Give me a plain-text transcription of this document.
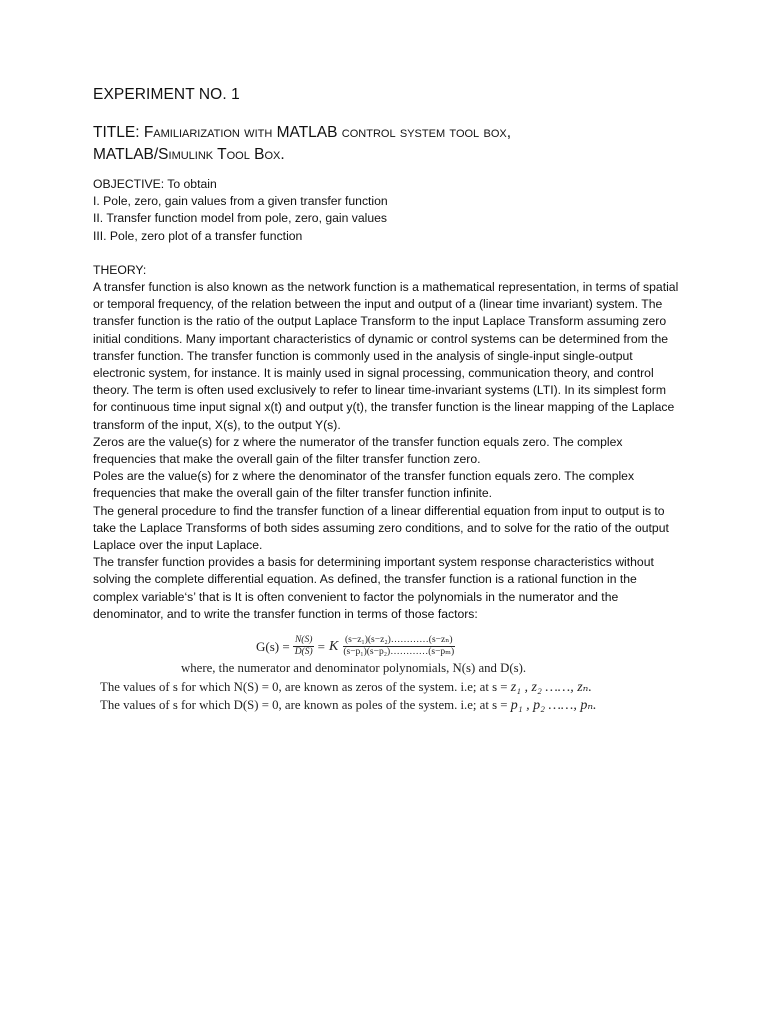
EXPERIMENT NO. 1

TITLE: Familiarization with MATLAB control system tool box,
MATLAB/Simulink Tool Box.

OBJECTIVE: To obtain
I. Pole, zero, gain values from a given transfer function
II. Transfer function model from pole, zero, gain values
III. Pole, zero plot of a transfer function
THEORY:

A transfer function is also known as the network function is a mathematical representation, in terms of spatial or temporal frequency, of the relation between the input and output of a (linear time invariant) system. The transfer function is the ratio of the output Laplace Transform to the input Laplace Transform assuming zero initial conditions. Many important characteristics of dynamic or control systems can be determined from the transfer function. The transfer function is commonly used in the analysis of single-input single-output electronic system, for instance. It is mainly used in signal processing, communication theory, and control theory. The term is often used exclusively to refer to linear time-invariant systems (LTI). In its simplest form for continuous time input signal x(t) and output y(t), the transfer function is the linear mapping of the Laplace transform of the input, X(s), to the output Y(s).

Zeros are the value(s) for z where the numerator of the transfer function equals zero. The complex frequencies that make the overall gain of the filter transfer function zero.

Poles are the value(s) for z where the denominator of the transfer function equals zero. The complex frequencies that make the overall gain of the filter transfer function infinite.

The general procedure to find the transfer function of a linear differential equation from input to output is to take the Laplace Transforms of both sides assuming zero conditions, and to solve for the ratio of the output Laplace over the input Laplace.

The transfer function provides a basis for determining important system response characteristics without solving the complete differential equation. As defined, the transfer function is a rational function in the complex variable‘s’ that is It is often convenient to factor the polynomials in the numerator and the denominator, and to write the transfer function in terms of those factors:

$G(s) = \frac{N(S)}{D(S)} = K \frac{\text{(s−z₁)(s−z₂)…………(s−zₙ)}}{\text{(s−p₁)(s−p₂)…………(s−pₘ)}}$
where, the numerator and denominator polynomials, N(s) and D(s).
The values of s for which N(S) = 0, are known as zeros of the system. i.e; at s = z₁ , z₂ ……, zₙ.
The values of s for which D(S) = 0, are known as poles of the system. i.e; at s = p₁ , p₂ ……, pₙ.
